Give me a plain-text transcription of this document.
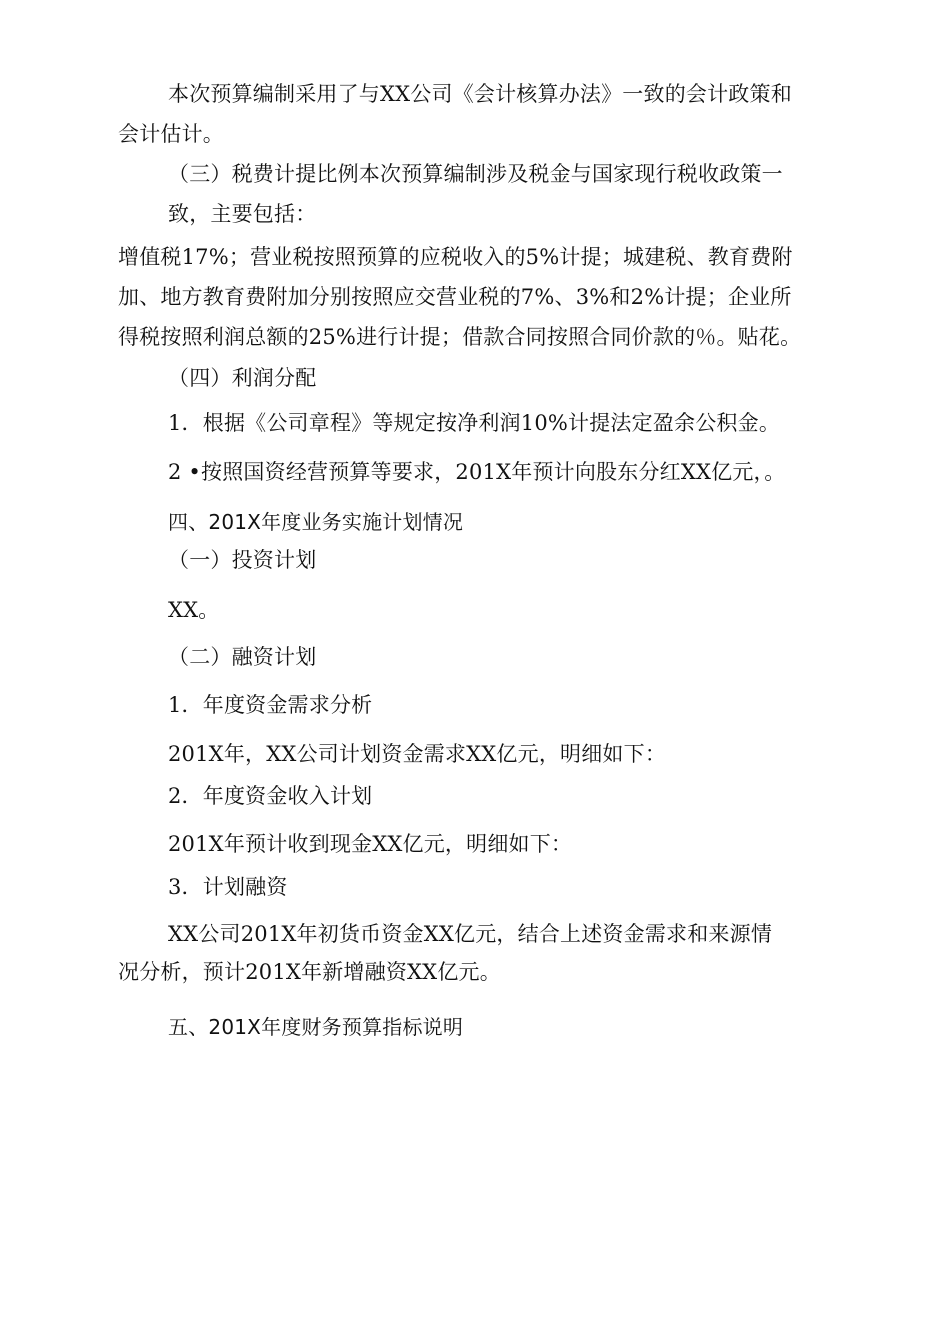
本次预算编制采用了与XX公司《会计核算办法》一致的会计政策和
会计估计。
（三）税费计提比例本次预算编制涉及税金与国家现行税收政策一
致，主要包括：
增值税17%；营业税按照预算的应税收入的5%计提；城建税、教育费附
加、地方教育费附加分别按照应交营业税的7%、3%和2%计提；企业所
得税按照利润总额的25%进行计提；借款合同按照合同价款的％。贴花。
（四）利润分配
1．根据《公司章程》等规定按净利润10%计提法定盈余公积金。
2 •按照国资经营预算等要求，201X年预计向股东分红XX亿元，。
四、201X年度业务实施计划情况
（一）投资计划
XX。
（二）融资计划
1．年度资金需求分析
201X年，XX公司计划资金需求XX亿元，明细如下：
2．年度资金收入计划
201X年预计收到现金XX亿元，明细如下：
3．计划融资
XX公司201X年初货币资金XX亿元，结合上述资金需求和来源情
况分析，预计201X年新增融资XX亿元。
五、201X年度财务预算指标说明
